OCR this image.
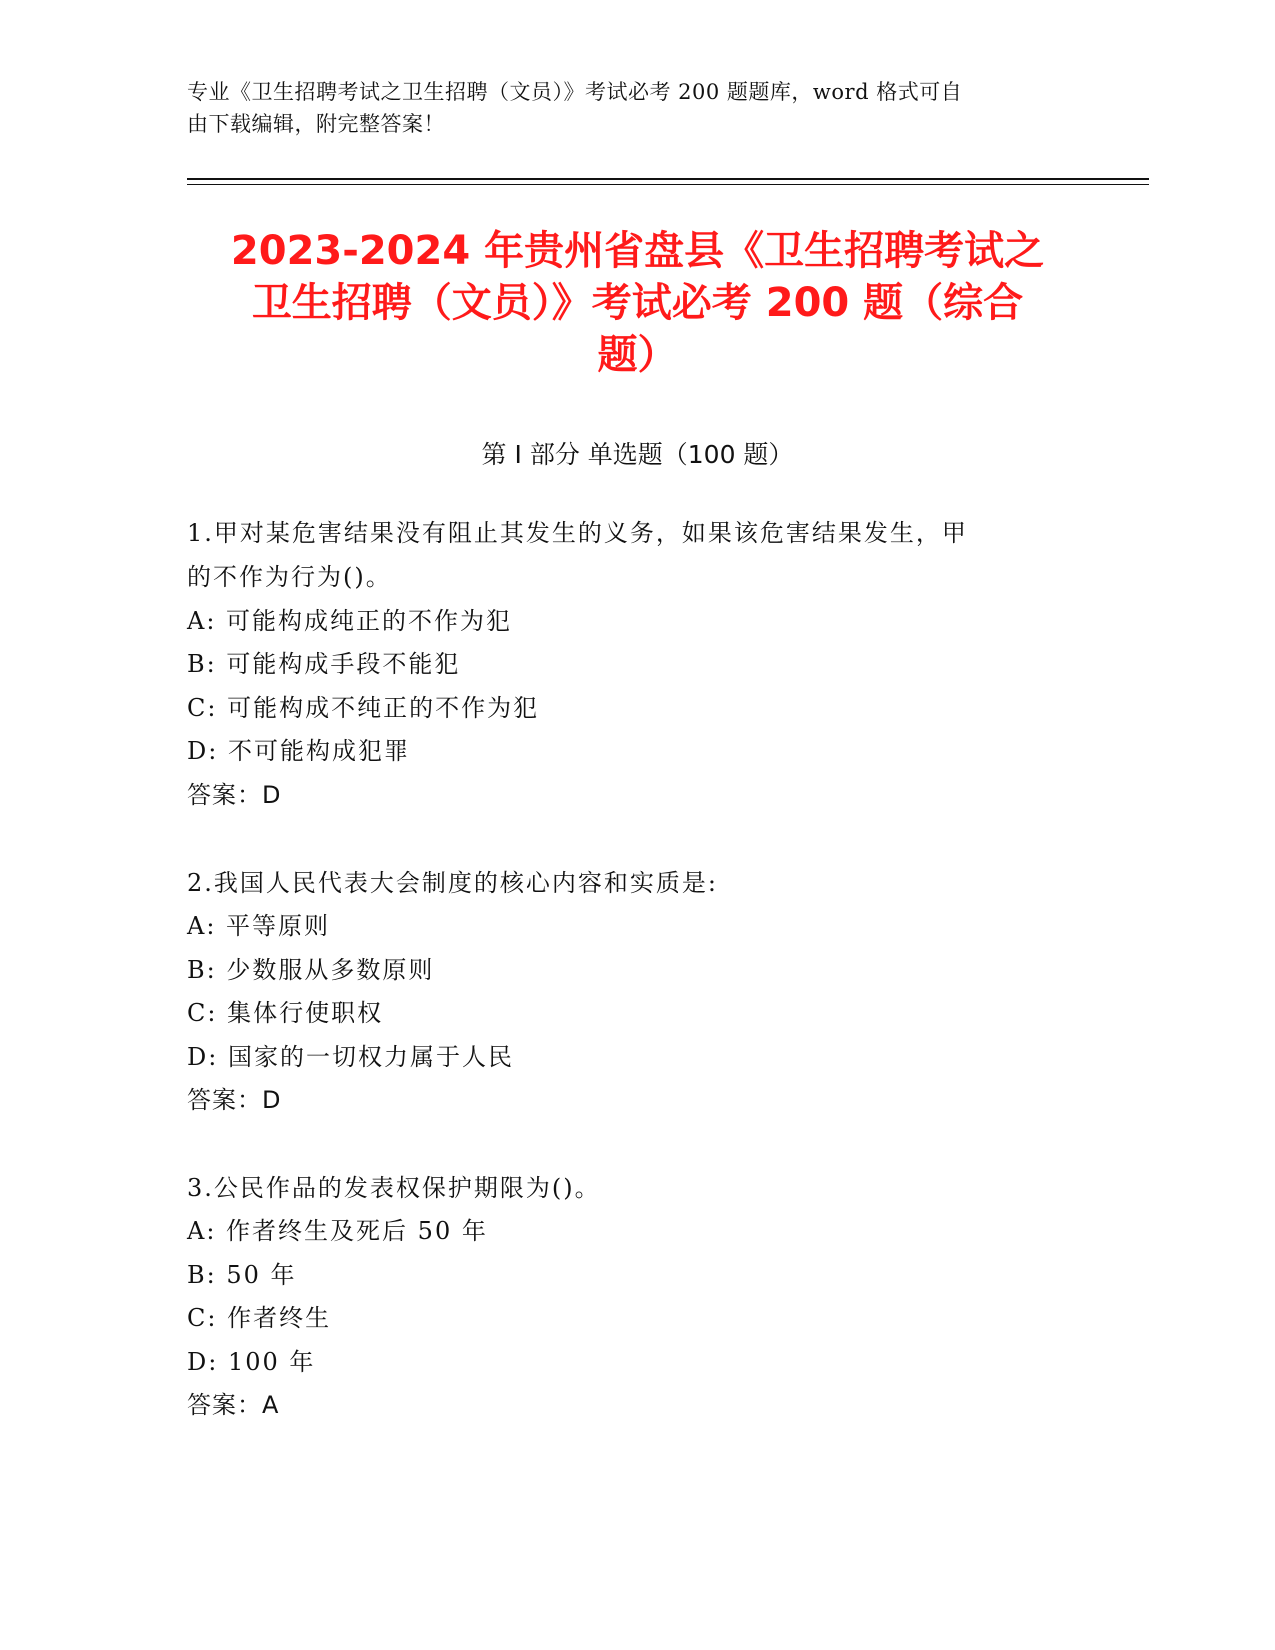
专业《卫生招聘考试之卫生招聘（文员）》考试必考 200 题题库，word 格式可自
由下载编辑，附完整答案！
2023-2024 年贵州省盘县《卫生招聘考试之
卫生招聘（文员）》考试必考 200 题（综合
题）
第 I 部分 单选题（100 题）
1.甲对某危害结果没有阻止其发生的义务，如果该危害结果发生，甲
的不作为行为()。
A: 可能构成纯正的不作为犯
B: 可能构成手段不能犯
C: 可能构成不纯正的不作为犯
D: 不可能构成犯罪
答案：D
2.我国人民代表大会制度的核心内容和实质是:
A: 平等原则
B: 少数服从多数原则
C: 集体行使职权
D: 国家的一切权力属于人民
答案：D
3.公民作品的发表权保护期限为()。
A: 作者终生及死后 50 年
B: 50 年
C: 作者终生
D: 100 年
答案：A
